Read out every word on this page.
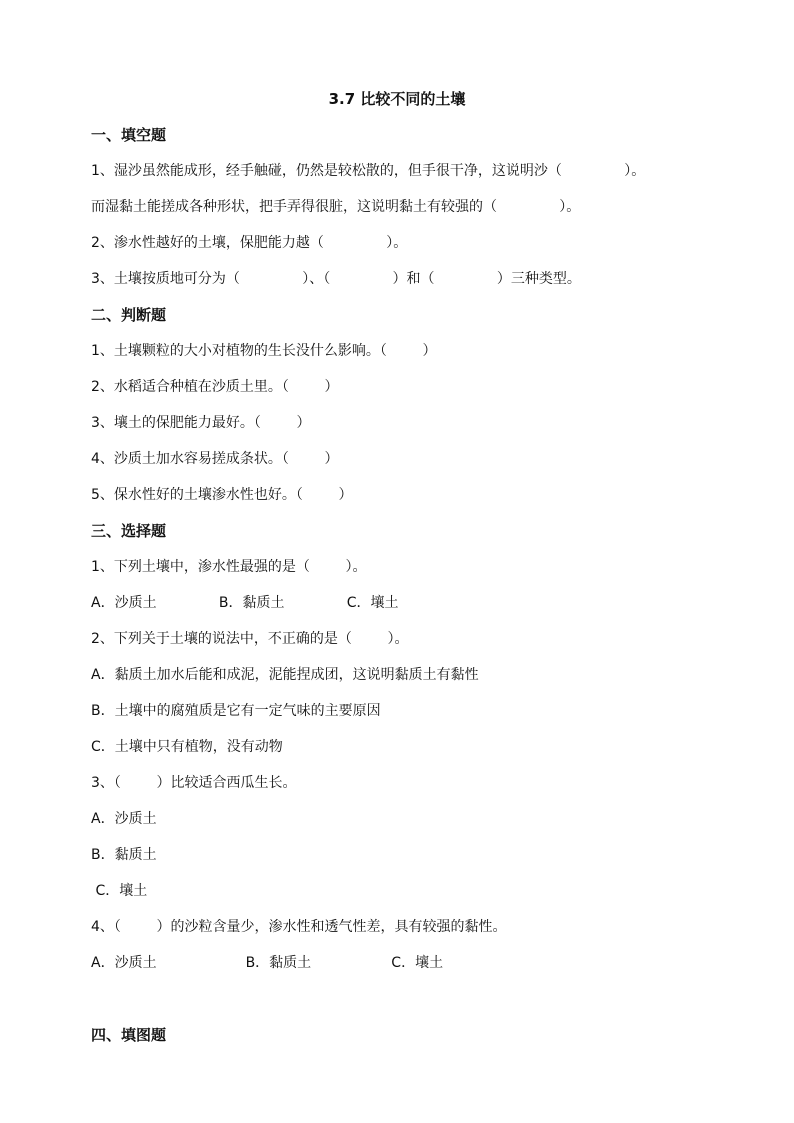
3.7 比较不同的土壤
一、填空题
1、湿沙虽然能成形，经手触碰，仍然是较松散的，但手很干净，这说明沙（              ）。
而湿黏土能搓成各种形状，把手弄得很脏，这说明黏土有较强的（              ）。
2、渗水性越好的土壤，保肥能力越（              ）。
3、土壤按质地可分为（              ）、（              ）和（              ）三种类型。
二、判断题
1、土壤颗粒的大小对植物的生长没什么影响。（        ）
2、水稻适合种植在沙质土里。（        ）
3、壤土的保肥能力最好。（        ）
4、沙质土加水容易搓成条状。（        ）
5、保水性好的土壤渗水性也好。（        ）
三、选择题
1、下列土壤中，渗水性最强的是（        ）。
A．沙质土              B．黏质土              C．壤土
2、下列关于土壤的说法中，不正确的是（        ）。
A．黏质土加水后能和成泥，泥能捏成团，这说明黏质土有黏性
B．土壤中的腐殖质是它有一定气味的主要原因
C．土壤中只有植物，没有动物
3、（        ）比较适合西瓜生长。
A．沙质土
B．黏质土
C．壤土
4、（        ）的沙粒含量少，渗水性和透气性差，具有较强的黏性。
A．沙质土                    B．黏质土                  C．壤土
四、填图题
